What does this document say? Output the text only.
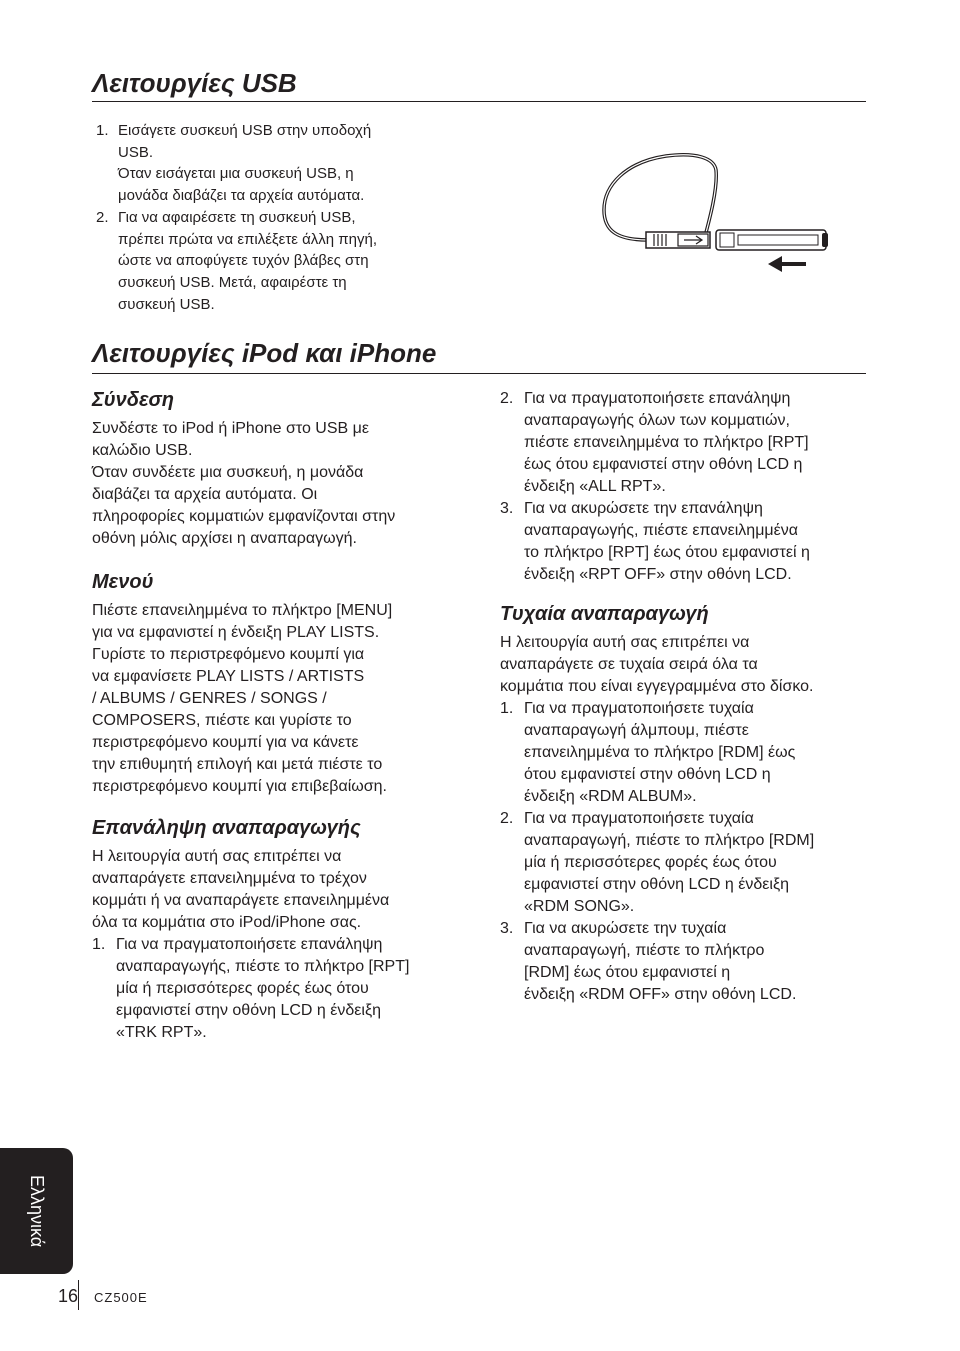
Λειτουργίες USB
1. Εισάγετε συσκευή USB στην υποδοχή
USB.
Όταν εισάγεται μια συσκευή USB, η
μονάδα διαβάζει τα αρχεία αυτόματα.
2. Για να αφαιρέσετε τη συσκευή USB,
πρέπει πρώτα να επιλέξετε άλλη πηγή,
ώστε να αποφύγετε τυχόν βλάβες στη
συσκευή USB. Μετά, αφαιρέστε τη
συσκευή USB.
Λειτουργίες iPod και iPhone
Σύνδεση
Συνδέστε το iPod ή iPhone στο USB με
καλώδιο USB.
Όταν συνδέετε μια συσκευή, η μονάδα
διαβάζει τα αρχεία αυτόματα. Οι
πληροφορίες κομματιών εμφανίζονται στην
οθόνη μόλις αρχίσει η αναπαραγωγή.
Μενού
Πιέστε επανειλημμένα το πλήκτρο [MENU]
για να εμφανιστεί η ένδειξη PLAY LISTS.
Γυρίστε το περιστρεφόμενο κουμπί για
να εμφανίσετε PLAY LISTS / ARTISTS
/ ALBUMS / GENRES / SONGS /
COMPOSERS, πιέστε και γυρίστε το
περιστρεφόμενο κουμπί για να κάνετε
την επιθυμητή επιλογή και μετά πιέστε το
περιστρεφόμενο κουμπί για επιβεβαίωση.
Επανάληψη αναπαραγωγής
Η λειτουργία αυτή σας επιτρέπει να
αναπαράγετε επανειλημμένα το τρέχον
κομμάτι ή να αναπαράγετε επανειλημμένα
όλα τα κομμάτια στο iPod/iPhone σας.
1. Για να πραγματοποιήσετε επανάληψη
αναπαραγωγής, πιέστε το πλήκτρο [RPT]
μία ή περισσότερες φορές έως ότου
εμφανιστεί στην οθόνη LCD η ένδειξη
«TRK RPT».
2. Για να πραγματοποιήσετε επανάληψη
αναπαραγωγής όλων των κομματιών,
πιέστε επανειλημμένα το πλήκτρο [RPT]
έως ότου εμφανιστεί στην οθόνη LCD η
ένδειξη «ALL RPT».
3. Για να ακυρώσετε την επανάληψη
αναπαραγωγής, πιέστε επανειλημμένα
το πλήκτρο [RPT] έως ότου εμφανιστεί η
ένδειξη «RPT OFF» στην οθόνη LCD.
Τυχαία αναπαραγωγή
Η λειτουργία αυτή σας επιτρέπει να
αναπαράγετε σε τυχαία σειρά όλα τα
κομμάτια που είναι εγγεγραμμένα στο δίσκο.
1. Για να πραγματοποιήσετε τυχαία
αναπαραγωγή άλμπουμ, πιέστε
επανειλημμένα το πλήκτρο [RDM] έως
ότου εμφανιστεί στην οθόνη LCD η
ένδειξη «RDM ALBUM».
2. Για να πραγματοποιήσετε τυχαία
αναπαραγωγή, πιέστε το πλήκτρο [RDM]
μία ή περισσότερες φορές έως ότου
εμφανιστεί στην οθόνη LCD η ένδειξη
«RDM SONG».
3. Για να ακυρώσετε την τυχαία
αναπαραγωγή, πιέστε το πλήκτρο
[RDM] έως ότου εμφανιστεί η
ένδειξη «RDM OFF» στην οθόνη LCD.
Ελληνικά
16 CZ500E
